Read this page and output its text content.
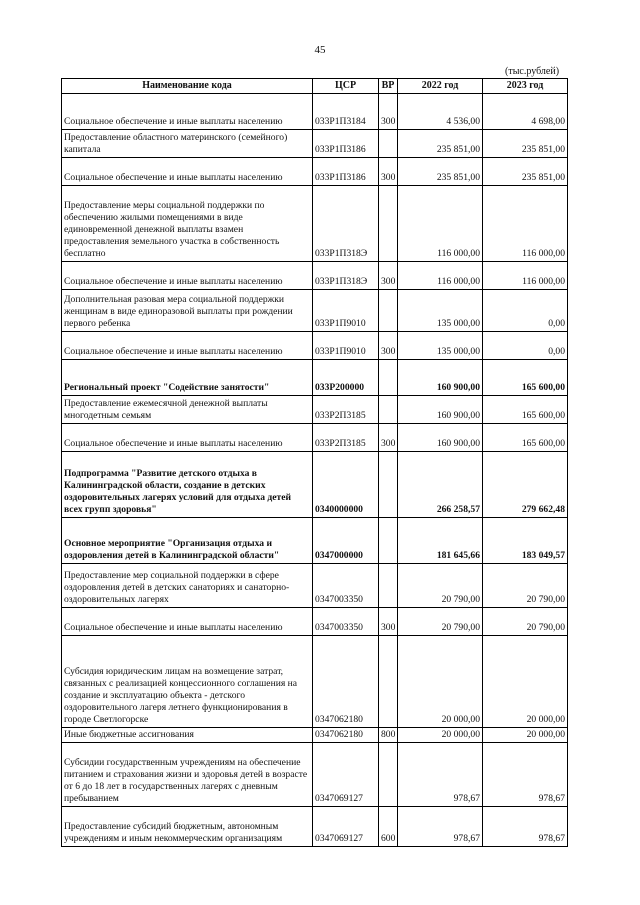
45
(тыс.рублей)
Наименование кода	ЦСР	ВР	2022 год	2023 год
Социальное обеспечение и иные выплаты населению	033Р1П3184	300	4 536,00	4 698,00
Предоставление областного материнского (семейного) капитала	033Р1П3186		235 851,00	235 851,00
Социальное обеспечение и иные выплаты населению	033Р1П3186	300	235 851,00	235 851,00
Предоставление меры социальной поддержки по обеспечению жилыми помещениями в виде единовременной денежной выплаты взамен предоставления земельного участка в собственность бесплатно	033Р1П318Э		116 000,00	116 000,00
Социальное обеспечение и иные выплаты населению	033Р1П318Э	300	116 000,00	116 000,00
Дополнительная разовая мера социальной поддержки женщинам в виде единоразовой выплаты при рождении первого ребенка	033Р1П9010		135 000,00	0,00
Социальное обеспечение и иные выплаты населению	033Р1П9010	300	135 000,00	0,00
Региональный проект "Содействие занятости"	033Р200000		160 900,00	165 600,00
Предоставление ежемесячной денежной выплаты многодетным семьям	033Р2П3185		160 900,00	165 600,00
Социальное обеспечение и иные выплаты населению	033Р2П3185	300	160 900,00	165 600,00
Подпрограмма "Развитие детского отдыха в Калининградской области, создание в детских оздоровительных лагерях условий для отдыха детей всех групп здоровья"	0340000000		266 258,57	279 662,48
Основное мероприятие "Организация отдыха и оздоровления детей в Калининградской области"	0347000000		181 645,66	183 049,57
Предоставление мер социальной поддержки в сфере оздоровления детей в детских санаториях и санаторно-оздоровительных лагерях	0347003350		20 790,00	20 790,00
Социальное обеспечение и иные выплаты населению	0347003350	300	20 790,00	20 790,00
Субсидия юридическим лицам на возмещение затрат, связанных с реализацией концессионного соглашения на создание и эксплуатацию объекта - детского оздоровительного лагеря летнего функционирования в городе Светлогорске	0347062180		20 000,00	20 000,00
Иные бюджетные ассигнования	0347062180	800	20 000,00	20 000,00
Субсидии государственным учреждениям на обеспечение питанием и страхования жизни и здоровья детей в возрасте от 6 до 18 лет в государственных лагерях с дневным пребыванием	0347069127		978,67	978,67
Предоставление субсидий бюджетным, автономным учреждениям и иным некоммерческим организациям	0347069127	600	978,67	978,67
